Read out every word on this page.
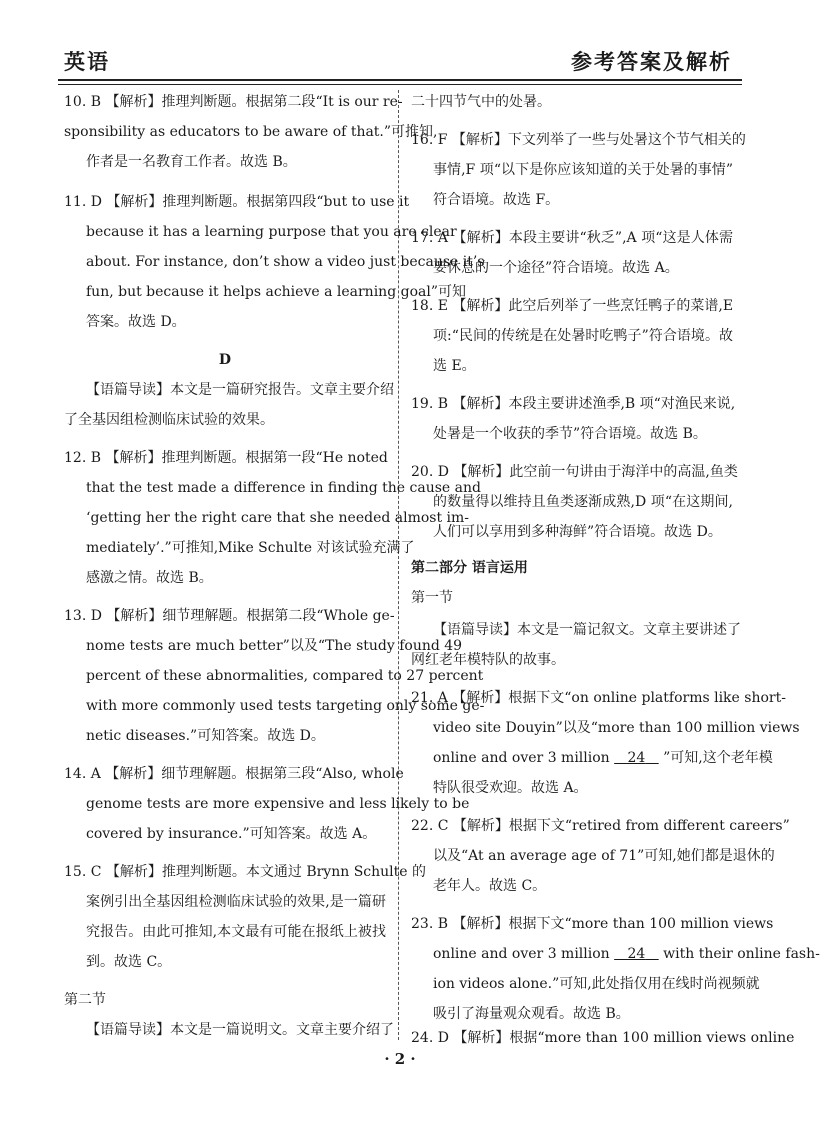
英语	参考答案及解析
10. B 【解析】推理判断题。根据第二段“It is our re-
sponsibility as educators to be aware of that.”可推知,
作者是一名教育工作者。故选 B。
11. D 【解析】推理判断题。根据第四段“but to use it
because it has a learning purpose that you are clear
about. For instance, don’t show a video just because it’s
fun, but because it helps achieve a learning goal”可知
答案。故选 D。
D
【语篇导读】本文是一篇研究报告。文章主要介绍
了全基因组检测临床试验的效果。
12. B 【解析】推理判断题。根据第一段“He noted
that the test made a difference in finding the cause and
‘getting her the right care that she needed almost im-
mediately’.”可推知,Mike Schulte 对该试验充满了
感激之情。故选 B。
13. D 【解析】细节理解题。根据第二段“Whole ge-
nome tests are much better”以及“The study found 49
percent of these abnormalities, compared to 27 percent
with more commonly used tests targeting only some ge-
netic diseases.”可知答案。故选 D。
14. A 【解析】细节理解题。根据第三段“Also, whole
genome tests are more expensive and less likely to be
covered by insurance.”可知答案。故选 A。
15. C 【解析】推理判断题。本文通过 Brynn Schulte 的
案例引出全基因组检测临床试验的效果,是一篇研
究报告。由此可推知,本文最有可能在报纸上被找
到。故选 C。
第二节
【语篇导读】本文是一篇说明文。文章主要介绍了
二十四节气中的处暑。
16. F 【解析】下文列举了一些与处暑这个节气相关的
事情,F 项“以下是你应该知道的关于处暑的事情”
符合语境。故选 F。
17. A 【解析】本段主要讲“秋乏”,A 项“这是人体需
要休息的一个途径”符合语境。故选 A。
18. E 【解析】此空后列举了一些烹饪鸭子的菜谱,E
项:“民间的传统是在处暑时吃鸭子”符合语境。故
选 E。
19. B 【解析】本段主要讲述渔季,B 项“对渔民来说,
处暑是一个收获的季节”符合语境。故选 B。
20. D 【解析】此空前一句讲由于海洋中的高温,鱼类
的数量得以维持且鱼类逐渐成熟,D 项“在这期间,
人们可以享用到多种海鲜”符合语境。故选 D。
第二部分 语言运用
第一节
【语篇导读】本文是一篇记叙文。文章主要讲述了
网红老年模特队的故事。
21. A 【解析】根据下文“on online platforms like short-
video site Douyin”以及“more than 100 million views
online and over 3 million 24 ”可知,这个老年模
特队很受欢迎。故选 A。
22. C 【解析】根据下文“retired from different careers”
以及“At an average age of 71”可知,她们都是退休的
老年人。故选 C。
23. B 【解析】根据下文“more than 100 million views
online and over 3 million 24 with their online fash-
ion videos alone.”可知,此处指仅用在线时尚视频就
吸引了海量观众观看。故选 B。
24. D 【解析】根据“more than 100 million views online
· 2 ·
